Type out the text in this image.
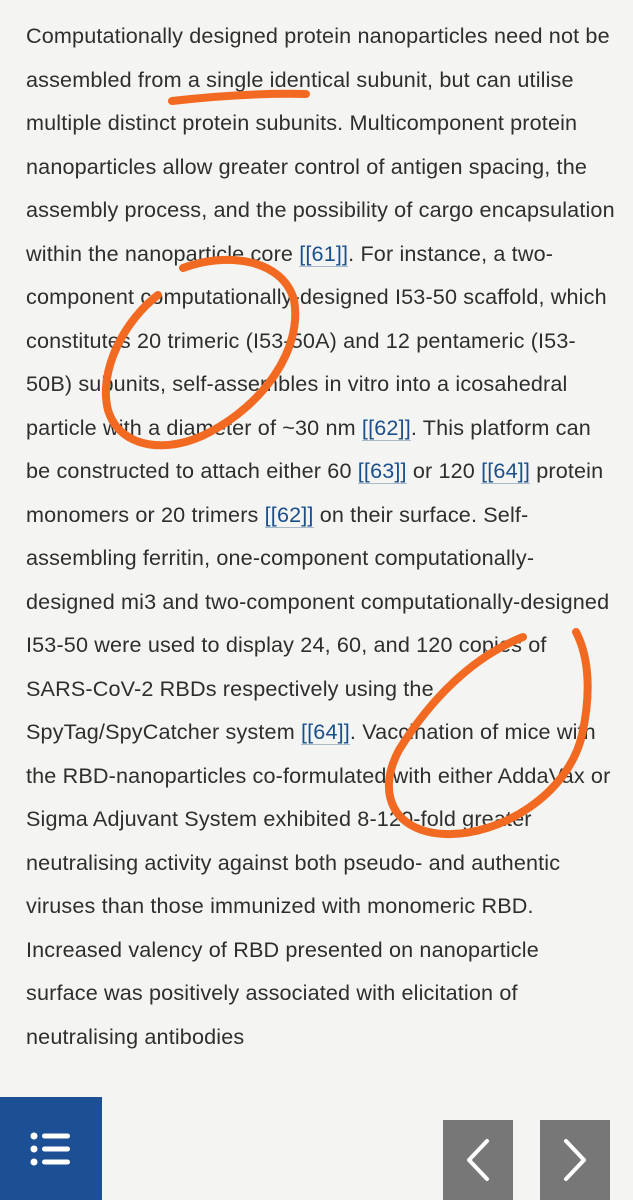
Computationally designed protein nanoparticles need not be assembled from a single identical subunit, but can utilise multiple distinct protein subunits. Multicomponent protein nanoparticles allow greater control of antigen spacing, the assembly process, and the possibility of cargo encapsulation within the nanoparticle core [[61]]. For instance, a two-component computationally-designed I53-50 scaffold, which constitutes 20 trimeric (I53-50A) and 12 pentameric (I53-50B) subunits, self-assembles in vitro into a icosahedral particle with a diameter of ~30 nm [[62]]. This platform can be constructed to attach either 60 [[63]] or 120 [[64]] protein monomers or 20 trimers [[62]] on their surface. Self-assembling ferritin, one-component computationally-designed mi3 and two-component computationally-designed I53-50 were used to display 24, 60, and 120 copies of SARS-CoV-2 RBDs respectively using the SpyTag/SpyCatcher system [[64]]. Vaccination of mice with the RBD-nanoparticles co-formulated with either AddaVax or Sigma Adjuvant System exhibited 8-120-fold greater neutralising activity against both pseudo- and authentic viruses than those immunized with monomeric RBD. Increased valency of RBD presented on nanoparticle surface was positively associated with elicitation of neutralising antibodies
